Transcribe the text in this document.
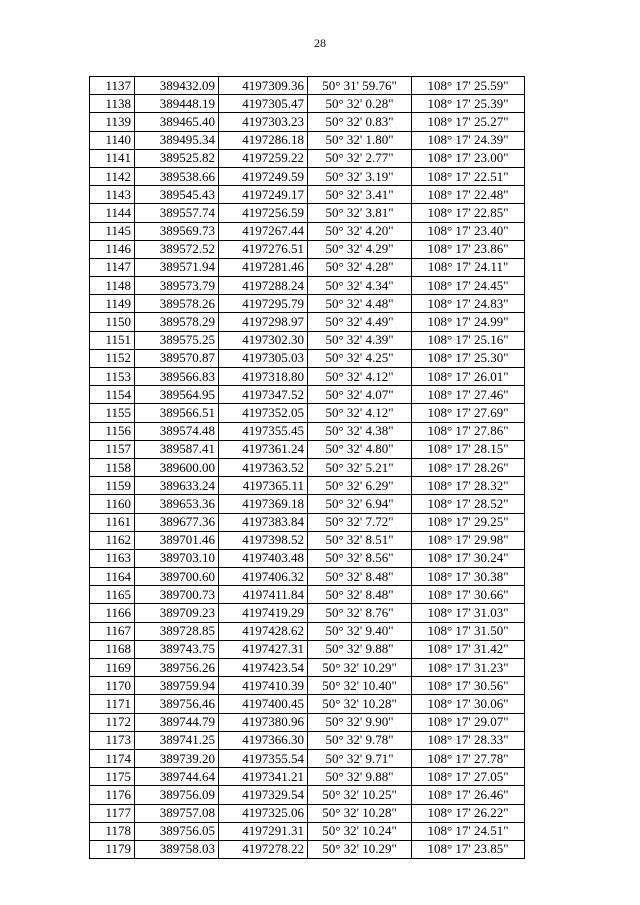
28
1137	389432.09	4197309.36	50° 31' 59.76"	108° 17' 25.59"
1138	389448.19	4197305.47	50° 32' 0.28"	108° 17' 25.39"
1139	389465.40	4197303.23	50° 32' 0.83"	108° 17' 25.27"
1140	389495.34	4197286.18	50° 32' 1.80"	108° 17' 24.39"
1141	389525.82	4197259.22	50° 32' 2.77"	108° 17' 23.00"
1142	389538.66	4197249.59	50° 32' 3.19"	108° 17' 22.51"
1143	389545.43	4197249.17	50° 32' 3.41"	108° 17' 22.48"
1144	389557.74	4197256.59	50° 32' 3.81"	108° 17' 22.85"
1145	389569.73	4197267.44	50° 32' 4.20"	108° 17' 23.40"
1146	389572.52	4197276.51	50° 32' 4.29"	108° 17' 23.86"
1147	389571.94	4197281.46	50° 32' 4.28"	108° 17' 24.11"
1148	389573.79	4197288.24	50° 32' 4.34"	108° 17' 24.45"
1149	389578.26	4197295.79	50° 32' 4.48"	108° 17' 24.83"
1150	389578.29	4197298.97	50° 32' 4.49"	108° 17' 24.99"
1151	389575.25	4197302.30	50° 32' 4.39"	108° 17' 25.16"
1152	389570.87	4197305.03	50° 32' 4.25"	108° 17' 25.30"
1153	389566.83	4197318.80	50° 32' 4.12"	108° 17' 26.01"
1154	389564.95	4197347.52	50° 32' 4.07"	108° 17' 27.46"
1155	389566.51	4197352.05	50° 32' 4.12"	108° 17' 27.69"
1156	389574.48	4197355.45	50° 32' 4.38"	108° 17' 27.86"
1157	389587.41	4197361.24	50° 32' 4.80"	108° 17' 28.15"
1158	389600.00	4197363.52	50° 32' 5.21"	108° 17' 28.26"
1159	389633.24	4197365.11	50° 32' 6.29"	108° 17' 28.32"
1160	389653.36	4197369.18	50° 32' 6.94"	108° 17' 28.52"
1161	389677.36	4197383.84	50° 32' 7.72"	108° 17' 29.25"
1162	389701.46	4197398.52	50° 32' 8.51"	108° 17' 29.98"
1163	389703.10	4197403.48	50° 32' 8.56"	108° 17' 30.24"
1164	389700.60	4197406.32	50° 32' 8.48"	108° 17' 30.38"
1165	389700.73	4197411.84	50° 32' 8.48"	108° 17' 30.66"
1166	389709.23	4197419.29	50° 32' 8.76"	108° 17' 31.03"
1167	389728.85	4197428.62	50° 32' 9.40"	108° 17' 31.50"
1168	389743.75	4197427.31	50° 32' 9.88"	108° 17' 31.42"
1169	389756.26	4197423.54	50° 32' 10.29"	108° 17' 31.23"
1170	389759.94	4197410.39	50° 32' 10.40"	108° 17' 30.56"
1171	389756.46	4197400.45	50° 32' 10.28"	108° 17' 30.06"
1172	389744.79	4197380.96	50° 32' 9.90"	108° 17' 29.07"
1173	389741.25	4197366.30	50° 32' 9.78"	108° 17' 28.33"
1174	389739.20	4197355.54	50° 32' 9.71"	108° 17' 27.78"
1175	389744.64	4197341.21	50° 32' 9.88"	108° 17' 27.05"
1176	389756.09	4197329.54	50° 32' 10.25"	108° 17' 26.46"
1177	389757.08	4197325.06	50° 32' 10.28"	108° 17' 26.22"
1178	389756.05	4197291.31	50° 32' 10.24"	108° 17' 24.51"
1179	389758.03	4197278.22	50° 32' 10.29"	108° 17' 23.85"
